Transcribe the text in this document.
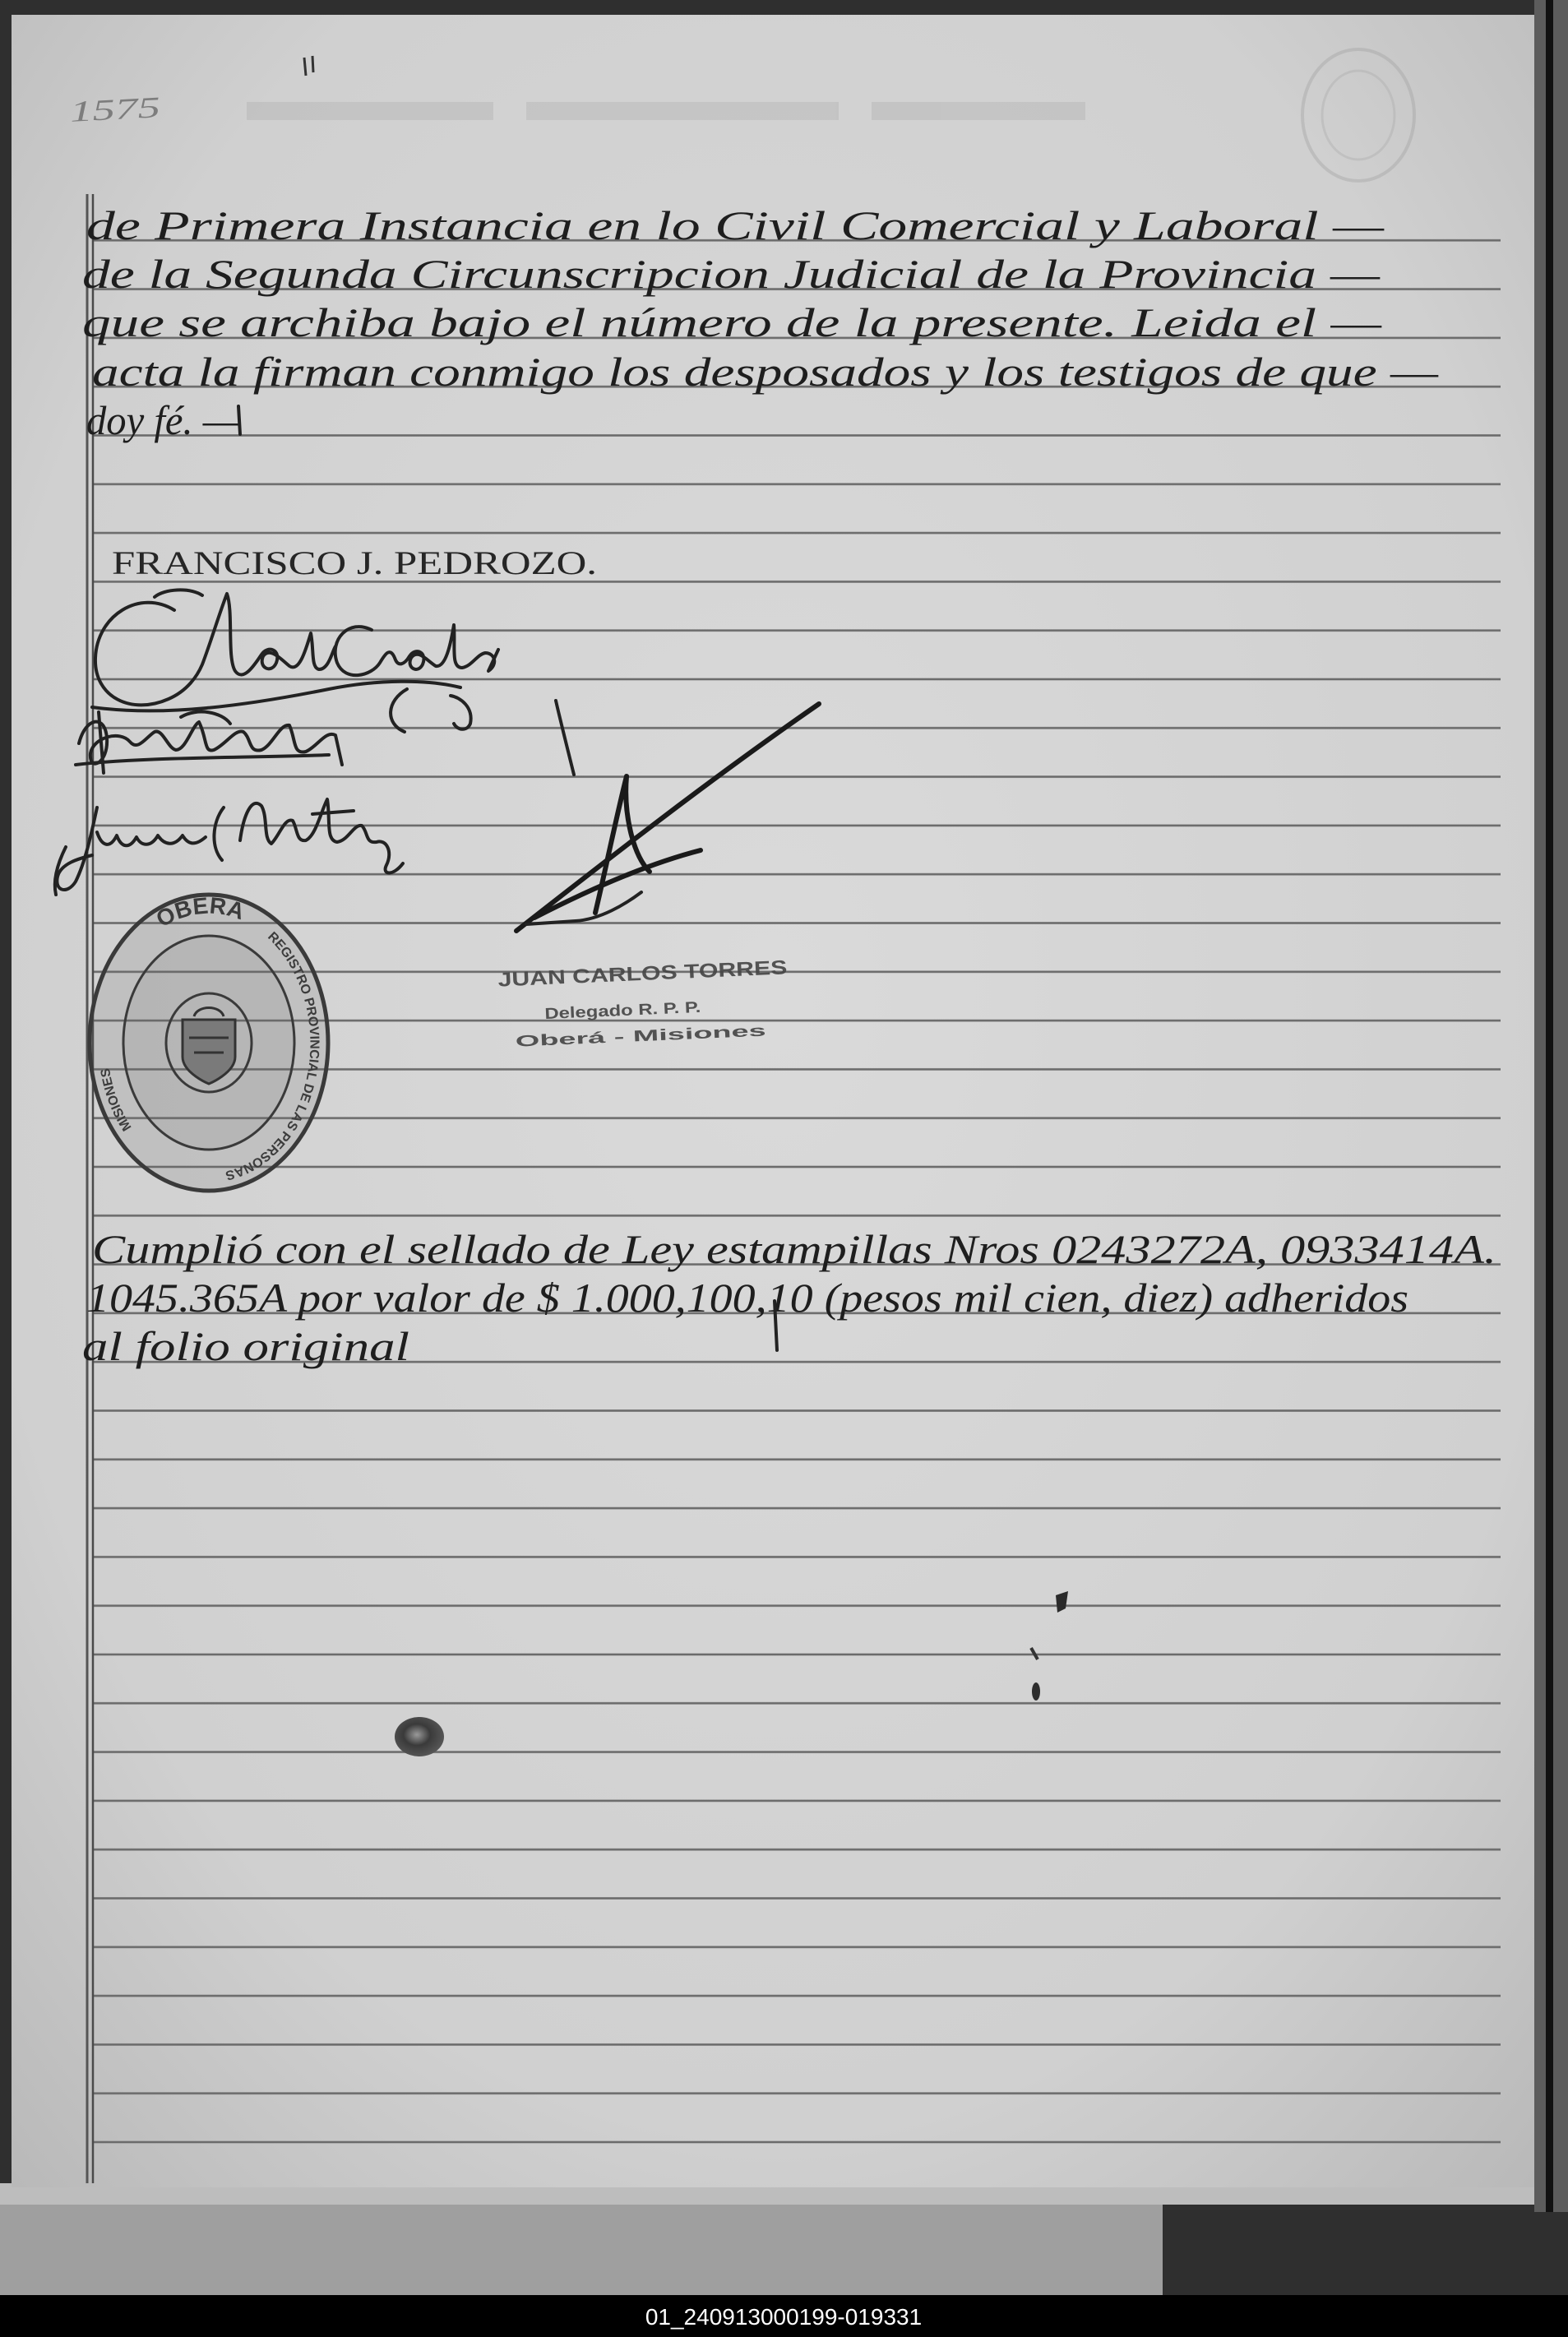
1575
de Primera Instancia en lo Civil Comercial y Laboral —
de la Segunda Circunscripcion Judicial de la Provincia —
que se archiba bajo el número de la presente. Leida el —
acta la firman conmigo los desposados y los testigos de que —
doy fé. —
FRANCISCO J. PEDROZO.
OBERA
REGISTRO PROVINCIAL DE LAS PERSONAS
MISIONES
JUAN CARLOS TORRES
Delegado R. P. P.
Oberá - Misiones
Cumplió con el sellado de Ley estampillas Nros 0243272A, 0933414A.
1045.365A por valor de $ 1.000,100,10 (pesos mil cien, diez) adheridos
al folio original
01_240913000199-019331
